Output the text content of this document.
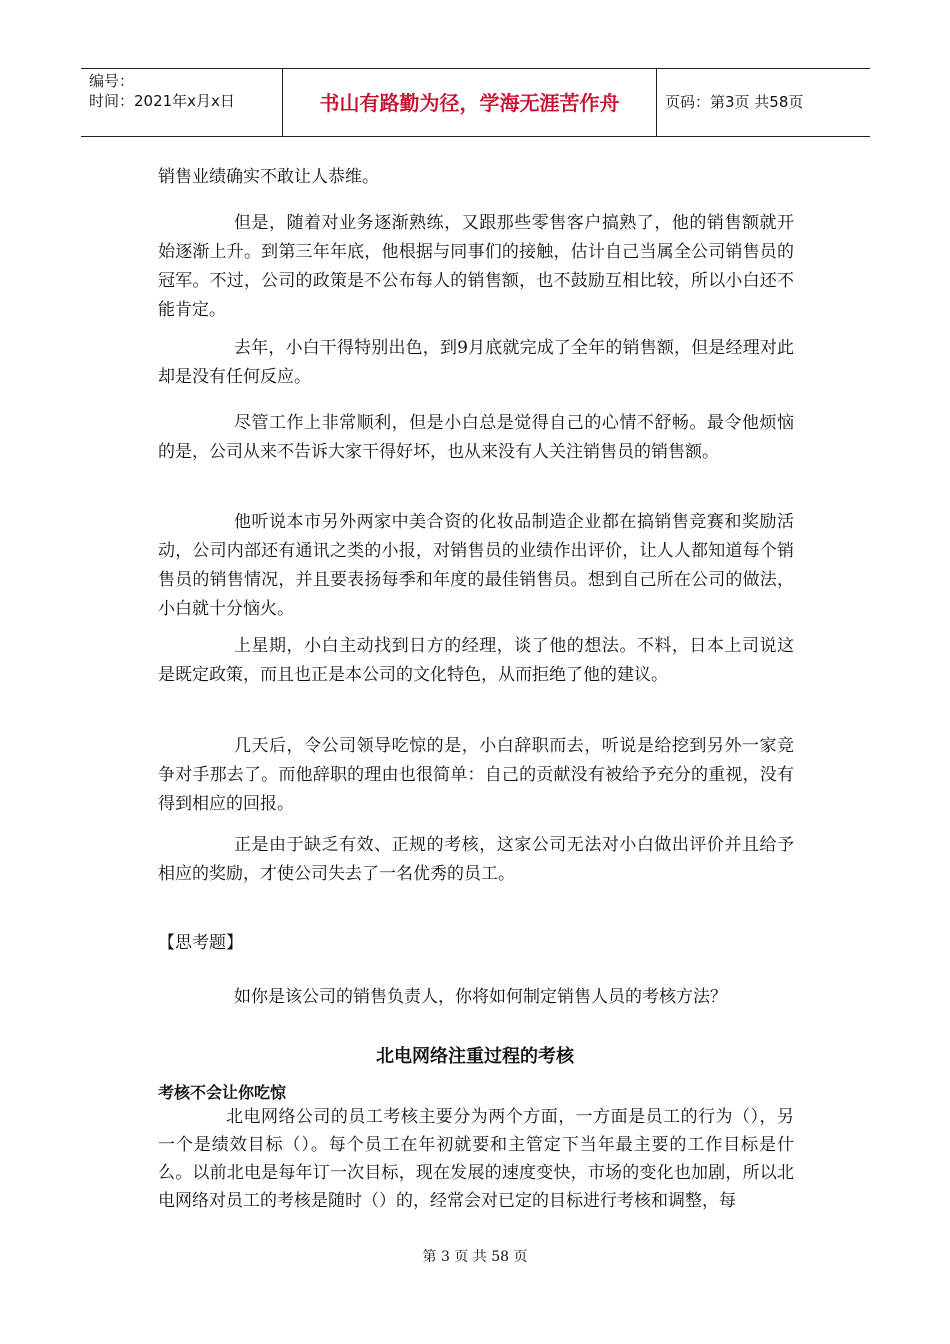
编号：
时间：2021年x月x日	书山有路勤为径，学海无涯苦作舟	页码：第3页 共58页
销售业绩确实不敢让人恭维。
但是，随着对业务逐渐熟练，又跟那些零售客户搞熟了，他的销售额就开始逐渐上升。到第三年年底，他根据与同事们的接触，估计自己当属全公司销售员的冠军。不过，公司的政策是不公布每人的销售额，也不鼓励互相比较，所以小白还不能肯定。
去年，小白干得特别出色，到9月底就完成了全年的销售额，但是经理对此却是没有任何反应。
尽管工作上非常顺利，但是小白总是觉得自己的心情不舒畅。最令他烦恼的是，公司从来不告诉大家干得好坏，也从来没有人关注销售员的销售额。
他听说本市另外两家中美合资的化妆品制造企业都在搞销售竞赛和奖励活动，公司内部还有通讯之类的小报，对销售员的业绩作出评价，让人人都知道每个销售员的销售情况，并且要表扬每季和年度的最佳销售员。想到自己所在公司的做法，小白就十分恼火。
上星期，小白主动找到日方的经理，谈了他的想法。不料，日本上司说这是既定政策，而且也正是本公司的文化特色，从而拒绝了他的建议。
几天后，令公司领导吃惊的是，小白辞职而去，听说是给挖到另外一家竞争对手那去了。而他辞职的理由也很简单：自己的贡献没有被给予充分的重视，没有得到相应的回报。
正是由于缺乏有效、正规的考核，这家公司无法对小白做出评价并且给予相应的奖励，才使公司失去了一名优秀的员工。
【思考题】
如你是该公司的销售负责人，你将如何制定销售人员的考核方法？
北电网络注重过程的考核
考核不会让你吃惊
北电网络公司的员工考核主要分为两个方面，一方面是员工的行为（），另一个是绩效目标（）。每个员工在年初就要和主管定下当年最主要的工作目标是什么。以前北电是每年订一次目标，现在发展的速度变快，市场的变化也加剧，所以北电网络对员工的考核是随时（）的，经常会对已定的目标进行考核和调整，每
第 3 页 共 58 页
